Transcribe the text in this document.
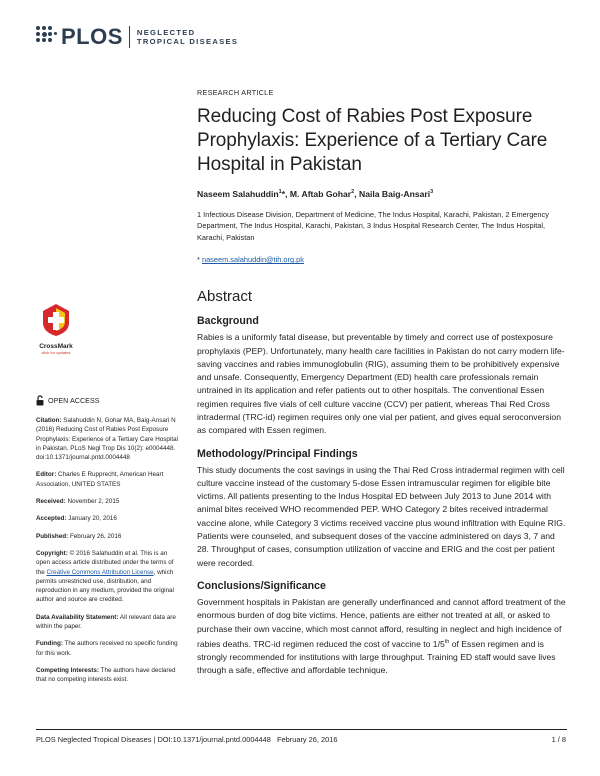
PLOS NEGLECTED
TROPICAL DISEASES
RESEARCH ARTICLE
Reducing Cost of Rabies Post Exposure Prophylaxis: Experience of a Tertiary Care Hospital in Pakistan
Naseem Salahuddin$^1$*, M. Aftab Gohar$^2$, Naila Baig-Ansari$^3$
1 Infectious Disease Division, Department of Medicine, The Indus Hospital, Karachi, Pakistan, 2 Emergency Department, The Indus Hospital, Karachi, Pakistan, 3 Indus Hospital Research Center, The Indus Hospital, Karachi, Pakistan
* naseem.salahuddin@tih.org.pk
Abstract
Background

Rabies is a uniformly fatal disease, but preventable by timely and correct use of postexposure prophylaxis (PEP). Unfortunately, many health care facilities in Pakistan do not carry modern life-saving vaccines and rabies immunoglobulin (RIG), assuming them to be prohibitively expensive and unsafe. Consequently, Emergency Department (ED) health care professionals remain untrained in its application and refer patients out to other hospitals. The conventional Essen regimen requires five vials of cell culture vaccine (CCV) per patient, whereas Thai Red Cross intradermal (TRC-id) regimen requires only one vial per patient, and gives equal seroconversion as compared with Essen regimen.

Methodology/Principal Findings

This study documents the cost savings in using the Thai Red Cross intradermal regimen with cell culture vaccine instead of the customary 5-dose Essen intramuscular regimen for eligible bite victims. All patients presenting to the Indus Hospital ED between July 2013 to June 2014 with animal bites received WHO recommended PEP. WHO Category 2 bites received intradermal vaccine alone, while Category 3 victims received vaccine plus wound infiltration with Equine RIG. Patients were counseled, and subsequent doses of the vaccine administered on days 3, 7 and 28. Throughput of cases, consumption utilization of vaccine and ERIG and the cost per patient were recorded.

Conclusions/Significance

Government hospitals in Pakistan are generally underfinanced and cannot afford treatment of the enormous burden of dog bite victims. Hence, patients are either not treated at all, or asked to purchase their own vaccine, which most cannot afford, resulting in neglect and high incidence of rabies deaths. TRC-id regimen reduced the cost of vaccine to 1/5th of Essen regimen and is strongly recommended for institutions with large throughput. Training ED staff would save lives through a safe, effective and affordable technique.

CrossMark
click for updates
OPEN ACCESS

Citation: Salahuddin N, Gohar MA, Baig-Ansari N (2016) Reducing Cost of Rabies Post Exposure Prophylaxis: Experience of a Tertiary Care Hospital in Pakistan. PLoS Negl Trop Dis 10(2): e0004448. doi:10.1371/journal.pntd.0004448

Editor: Charles E Rupprecht, American Heart Association, UNITED STATES

Received: November 2, 2015

Accepted: January 20, 2016

Published: February 26, 2016

Copyright: © 2016 Salahuddin et al. This is an open access article distributed under the terms of the Creative Commons Attribution License, which permits unrestricted use, distribution, and reproduction in any medium, provided the original author and source are credited.

Data Availability Statement: All relevant data are within the paper.

Funding: The authors received no specific funding for this work.

Competing Interests: The authors have declared that no competing interests exist.

PLOS Neglected Tropical Diseases | DOI:10.1371/journal.pntd.0004448   February 26, 2016	1 / 8
